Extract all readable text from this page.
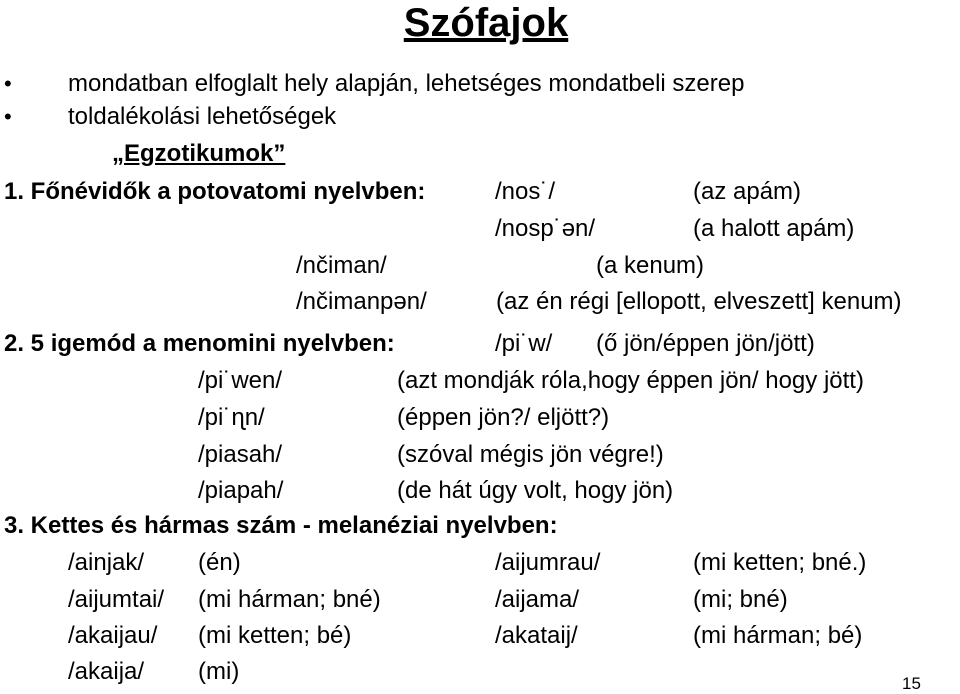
Szófajok
• mondatban elfoglalt hely alapján, lehetséges mondatbeli szerep
• toldalékolási lehetőségek
„Egzotikumok”
1. Főnévidők a potovatomi nyelvben:	/nos˙/	(az apám)
/nosp˙ən/	(a halott apám)
/nčiman/	(a kenum)
/nčimanpən/	(az én régi [ellopott, elveszett] kenum)
2. 5 igemód a menomini nyelvben:	/pi˙w/ (ő jön/éppen jön/jött)
/pi˙wen/	(azt mondják róla,hogy éppen jön/ hogy jött)
/pi˙ɳn/	(éppen jön?/ eljött?)
/piasah/	(szóval mégis jön végre!)
/piapah/	(de hát úgy volt, hogy jön)
3. Kettes és hármas szám - melanéziai nyelvben:
/ainjak/ (én)	/aijumrau/	(mi ketten; bné.)
/aijumtai/ (mi hárman; bné)	/aijama/	(mi; bné)
/akaijau/ (mi ketten; bé)	/akataij/	(mi hárman; bé)
/akaija/ (mi)	15
